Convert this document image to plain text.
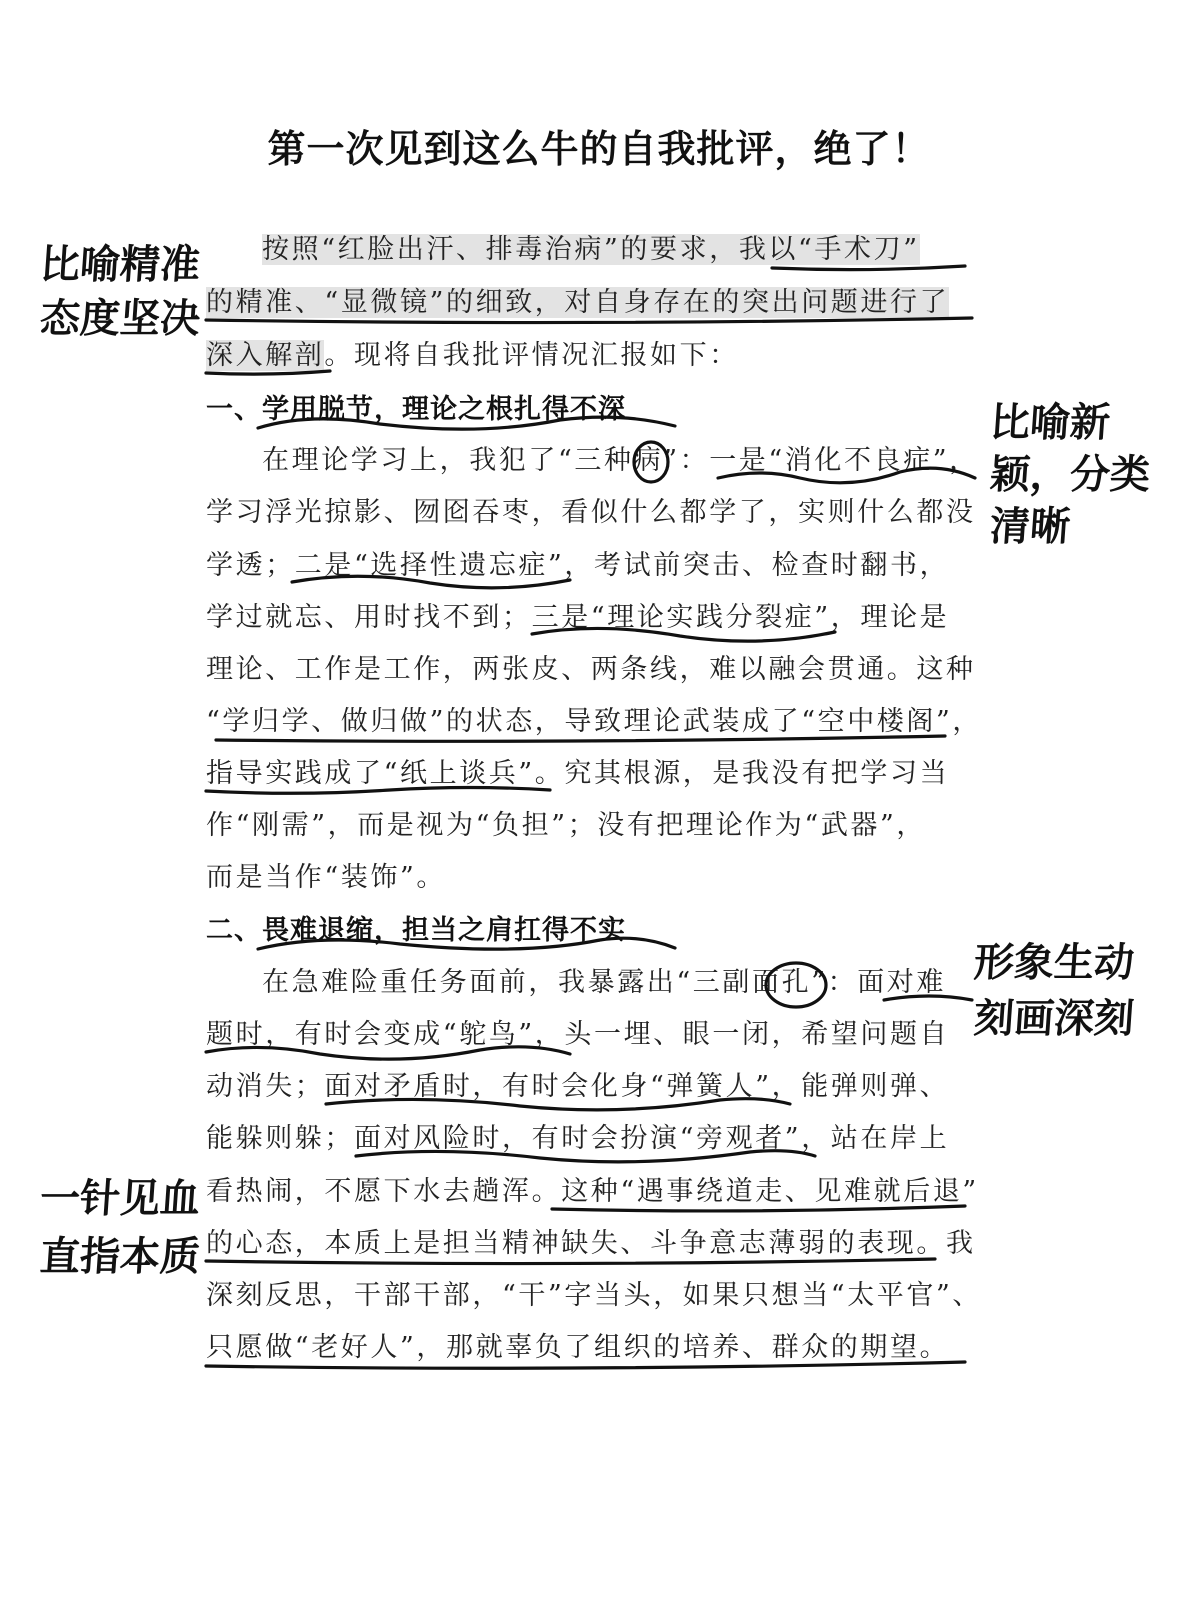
第一次见到这么牛的自我批评，绝了！
按照“红脸出汗、排毒治病”的要求，我以“手术刀”
的精准、“显微镜”的细致，对自身存在的突出问题进行了
深入解剖。现将自我批评情况汇报如下：
一、学用脱节，理论之根扎得不深
在理论学习上，我犯了“三种病”：一是“消化不良症”，
学习浮光掠影、囫囵吞枣，看似什么都学了，实则什么都没
学透；二是“选择性遗忘症”，考试前突击、检查时翻书，
学过就忘、用时找不到；三是“理论实践分裂症”，理论是
理论、工作是工作，两张皮、两条线，难以融会贯通。这种
“学归学、做归做”的状态，导致理论武装成了“空中楼阁”，
指导实践成了“纸上谈兵”。究其根源，是我没有把学习当
作“刚需”，而是视为“负担”；没有把理论作为“武器”，
而是当作“装饰”。
二、畏难退缩，担当之肩扛得不实
在急难险重任务面前，我暴露出“三副面孔”：面对难
题时，有时会变成“鸵鸟”，头一埋、眼一闭，希望问题自
动消失；面对矛盾时，有时会化身“弹簧人”，能弹则弹、
能躲则躲；面对风险时，有时会扮演“旁观者”，站在岸上
看热闹，不愿下水去趟浑。这种“遇事绕道走、见难就后退”
的心态，本质上是担当精神缺失、斗争意志薄弱的表现。我
深刻反思，干部干部，“干”字当头，如果只想当“太平官”、
只愿做“老好人”，那就辜负了组织的培养、群众的期望。
比喻精准
态度坚决
比喻新
颖，分类
清晰
形象生动
刻画深刻
一针见血
直指本质
